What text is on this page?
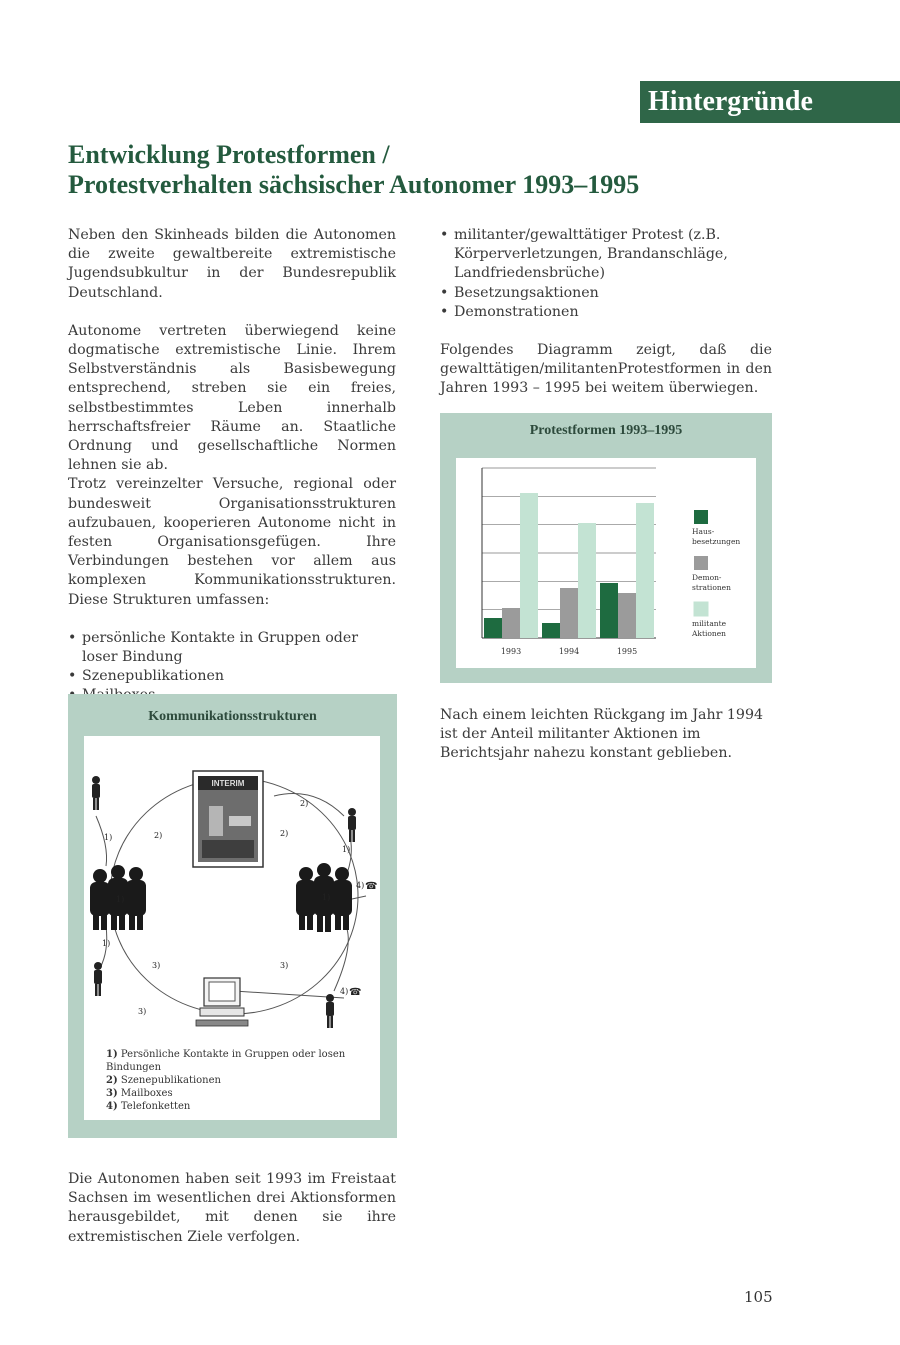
Hintergründe
Entwicklung Protestformen /
Protestverhalten sächsischer Autonomer 1993–1995

Neben den Skinheads bilden die Autonomen die zweite gewaltbereite extremistische Jugendsubkultur in der Bundesrepublik Deutschland.

Autonome vertreten überwiegend keine dogmatische extremistische Linie. Ihrem Selbstverständnis als Basisbewegung entsprechend, streben sie ein freies, selbstbestimmtes Leben innerhalb herrschaftsfreier Räume an. Staatliche Ordnung und gesellschaftliche Normen lehnen sie ab.

Trotz vereinzelter Versuche, regional oder bundesweit Organisationsstrukturen aufzubauen, kooperieren Autonome nicht in festen Organisationsgefügen. Ihre Verbindungen bestehen vor allem aus komplexen Kommunikationsstrukturen. Diese Strukturen umfassen:

• persönliche Kontakte in Gruppen oder loser Bindung
• Szenepublikationen
•
•
• militanter/gewalttätiger Protest (z.B. Körperverletzungen, Brandanschläge, Landfriedensbrüche)
• Besetzungsaktionen
• Demonstrationen

Folgendes Diagramm zeigt, daß die gewalttätigen/militantenProtestformen in den Jahren 1993 – 1995 bei weitem überwiegen.

Protestformen 1993–1995
1993	1994	1995
Haus-
besetzungen
Demon-
strationen
militante
Aktionen

Nach einem leichten Rückgang im Jahr 1994 ist der Anteil militanter Aktionen im Berichtsjahr nahezu konstant geblieben.

Kommunikationsstrukturen
INTERIM
1)	2)	2)
2)
1)
1)	1)
4)
1)
3)	3)
3)
4)
☎
☎
1) Persönliche Kontakte in Gruppen oder losen Bindungen
2) Szenepublikationen
3) Mailboxes
4) Telefonketten

Die Autonomen haben seit 1993 im Freistaat Sachsen im wesentlichen drei Aktionsformen herausgebildet, mit denen sie ihre extremistischen Ziele verfolgen.

105
